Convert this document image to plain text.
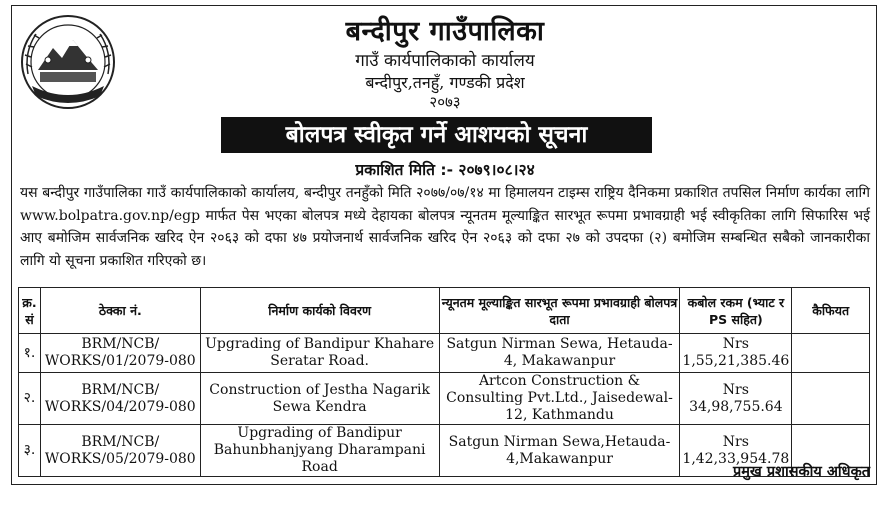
बन्दीपुर गाउँपालिका
गाउँ कार्यपालिकाको कार्यालय
बन्दीपुर,तनहुँ, गण्डकी प्रदेश
२०७३
बोलपत्र स्वीकृत गर्ने आशयको सूचना
प्रकाशित मिति :- २०७९।०८।२४
यस बन्दीपुर गाउँपालिका गाउँ कार्यपालिकाको कार्यालय, बन्दीपुर तनहुँको मिति २०७७/०७/१४ मा हिमालयन टाइम्स राष्ट्रिय दैनिकमा प्रकाशित तपसिल निर्माण कार्यका लागि www.bolpatra.gov.np/egp मार्फत पेस भएका बोलपत्र मध्ये देहायका बोलपत्र न्यूनतम मूल्याङ्कित सारभूत रूपमा प्रभावग्राही भई स्वीकृतिका लागि सिफारिस भई आए बमोजिम सार्वजनिक खरिद ऐन २०६३ को दफा ४७ प्रयोजनार्थ सार्वजनिक खरिद ऐन २०६३ को दफा २७ को उपदफा (२) बमोजिम सम्बन्धित सबैको जानकारीका लागि यो सूचना प्रकाशित गरिएको छ।
क्र. सं	ठेक्का नं.	निर्माण कार्यको विवरण	न्यूनतम मूल्याङ्कित सारभूत रूपमा प्रभावग्राही बोलपत्र दाता	कबोल रकम (भ्याट र PS सहित)	कैफियत
१.	BRM/NCB/ WORKS/01/2079-080	Upgrading of Bandipur Khahare Seratar Road.	Satgun Nirman Sewa, Hetauda-4, Makawanpur	Nrs 1,55,21,385.46	
२.	BRM/NCB/ WORKS/04/2079-080	Construction of Jestha Nagarik Sewa Kendra	Artcon Construction & Consulting Pvt.Ltd., Jaisedewal-12, Kathmandu	Nrs 34,98,755.64	
३.	BRM/NCB/ WORKS/05/2079-080	Upgrading of Bandipur Bahunbhanjyang Dharampani Road	Satgun Nirman Sewa,Hetauda-4,Makawanpur	Nrs 1,42,33,954.78	
प्रमुख प्रशासकीय अधिकृत
